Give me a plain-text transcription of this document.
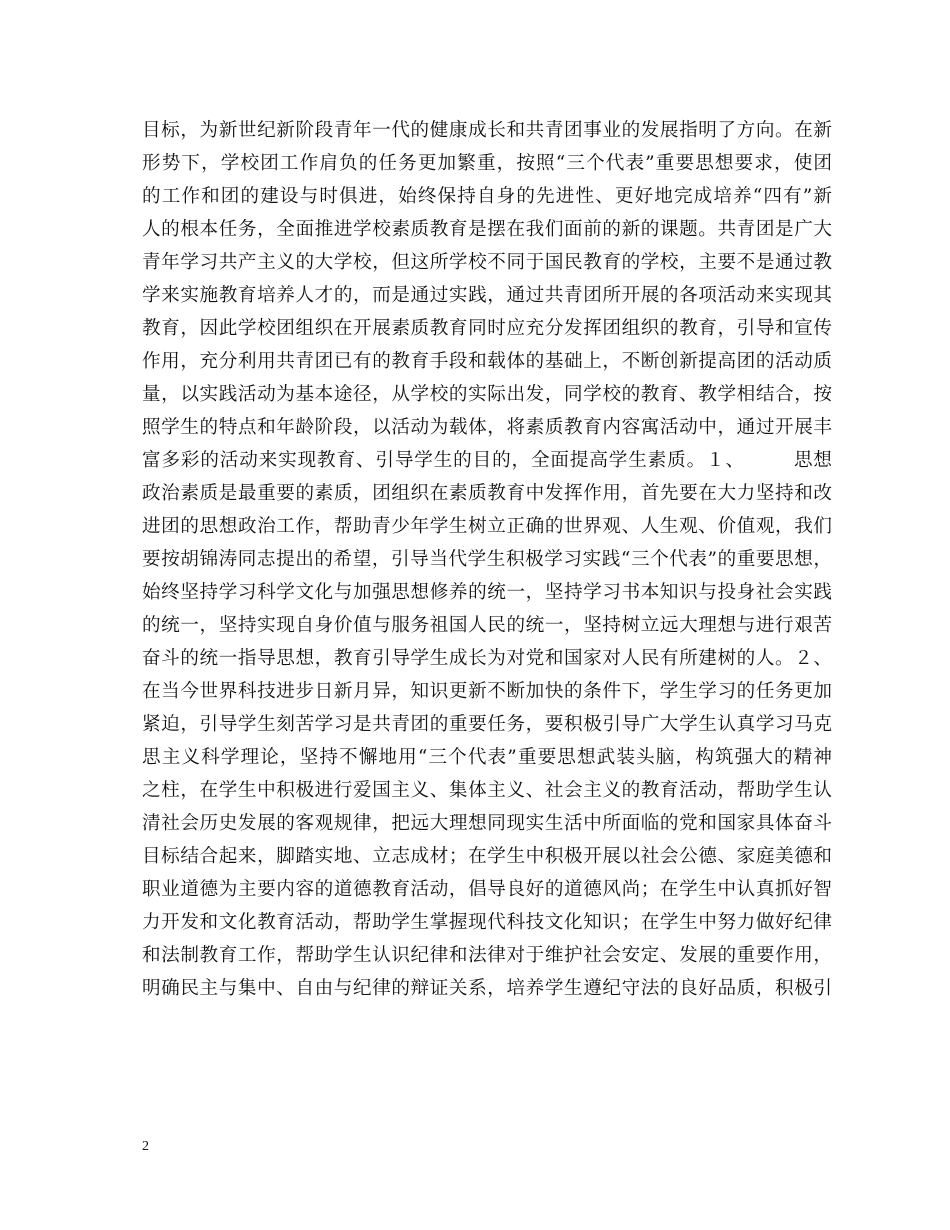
目标，为新世纪新阶段青年一代的健康成长和共青团事业的发展指明了方向。在新
形势下，学校团工作肩负的任务更加繁重，按照“三个代表”重要思想要求，使团
的工作和团的建设与时俱进，始终保持自身的先进性、更好地完成培养“四有”新
人的根本任务，全面推进学校素质教育是摆在我们面前的新的课题。共青团是广大
青年学习共产主义的大学校，但这所学校不同于国民教育的学校，主要不是通过教
学来实施教育培养人才的，而是通过实践，通过共青团所开展的各项活动来实现其
教育，因此学校团组织在开展素质教育同时应充分发挥团组织的教育，引导和宣传
作用，充分利用共青团已有的教育手段和载体的基础上，不断创新提高团的活动质
量，以实践活动为基本途径，从学校的实际出发，同学校的教育、教学相结合，按
照学生的特点和年龄阶段，以活动为载体，将素质教育内容寓活动中，通过开展丰
富多彩的活动来实现教育、引导学生的目的，全面提高学生素质。１、　　　思想
政治素质是最重要的素质，团组织在素质教育中发挥作用，首先要在大力坚持和改
进团的思想政治工作，帮助青少年学生树立正确的世界观、人生观、价值观，我们
要按胡锦涛同志提出的希望，引导当代学生积极学习实践“三个代表”的重要思想，
始终坚持学习科学文化与加强思想修养的统一，坚持学习书本知识与投身社会实践
的统一，坚持实现自身价值与服务祖国人民的统一，坚持树立远大理想与进行艰苦
奋斗的统一指导思想，教育引导学生成长为对党和国家对人民有所建树的人。２、
在当今世界科技进步日新月异，知识更新不断加快的条件下，学生学习的任务更加
紧迫，引导学生刻苦学习是共青团的重要任务，要积极引导广大学生认真学习马克
思主义科学理论，坚持不懈地用“三个代表”重要思想武装头脑，构筑强大的精神
之柱，在学生中积极进行爱国主义、集体主义、社会主义的教育活动，帮助学生认
清社会历史发展的客观规律，把远大理想同现实生活中所面临的党和国家具体奋斗
目标结合起来，脚踏实地、立志成材；在学生中积极开展以社会公德、家庭美德和
职业道德为主要内容的道德教育活动，倡导良好的道德风尚；在学生中认真抓好智
力开发和文化教育活动，帮助学生掌握现代科技文化知识；在学生中努力做好纪律
和法制教育工作，帮助学生认识纪律和法律对于维护社会安定、发展的重要作用，
明确民主与集中、自由与纪律的辩证关系，培养学生遵纪守法的良好品质，积极引
2
